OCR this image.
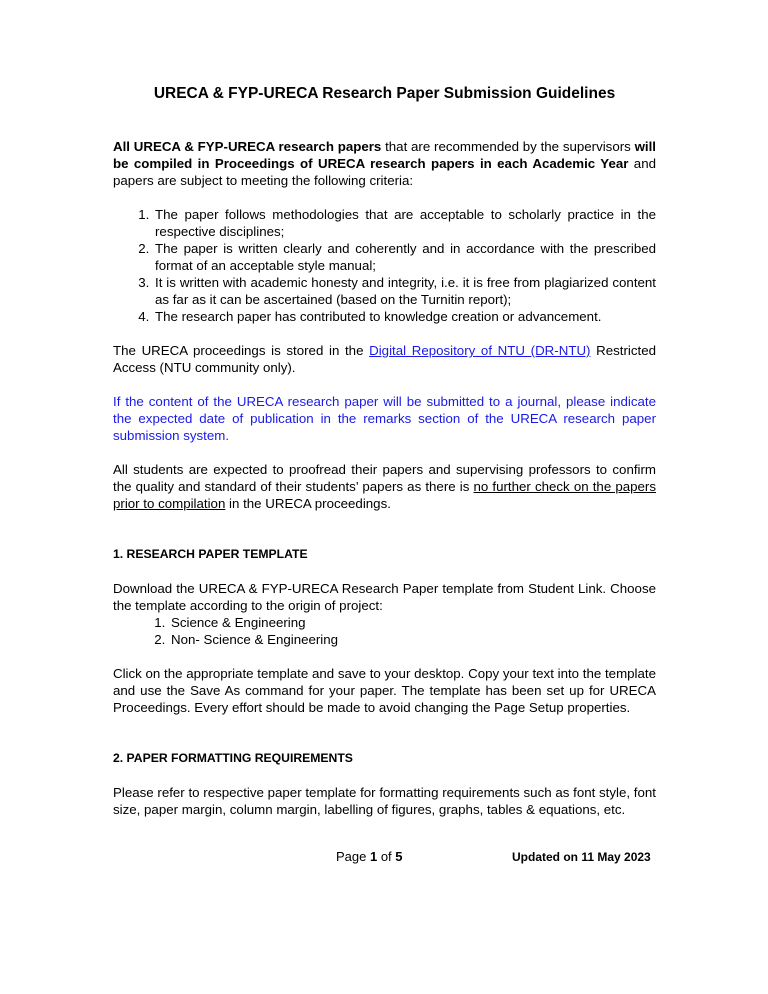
URECA & FYP-URECA Research Paper Submission Guidelines

All URECA & FYP-URECA research papers that are recommended by the supervisors will be compiled in Proceedings of URECA research papers in each Academic Year and papers are subject to meeting the following criteria:

1. The paper follows methodologies that are acceptable to scholarly practice in the respective disciplines;
2. The paper is written clearly and coherently and in accordance with the prescribed format of an acceptable style manual;
3. It is written with academic honesty and integrity, i.e. it is free from plagiarized content as far as it can be ascertained (based on the Turnitin report);
4. The research paper has contributed to knowledge creation or advancement.

The URECA proceedings is stored in the Digital Repository of NTU (DR-NTU) Restricted Access (NTU community only).

If the content of the URECA research paper will be submitted to a journal, please indicate the expected date of publication in the remarks section of the URECA research paper submission system.

All students are expected to proofread their papers and supervising professors to confirm the quality and standard of their students’ papers as there is no further check on the papers prior to compilation in the URECA proceedings.

1. RESEARCH PAPER TEMPLATE

Download the URECA & FYP-URECA Research Paper template from Student Link. Choose the template according to the origin of project:

1. Science & Engineering
2. Non- Science & Engineering

Click on the appropriate template and save to your desktop. Copy your text into the template and use the Save As command for your paper. The template has been set up for URECA Proceedings. Every effort should be made to avoid changing the Page Setup properties.

2. PAPER FORMATTING REQUIREMENTS

Please refer to respective paper template for formatting requirements such as font style, font size, paper margin, column margin, labelling of figures, graphs, tables & equations, etc.

Page 1 of 5	Updated on 11 May 2023
